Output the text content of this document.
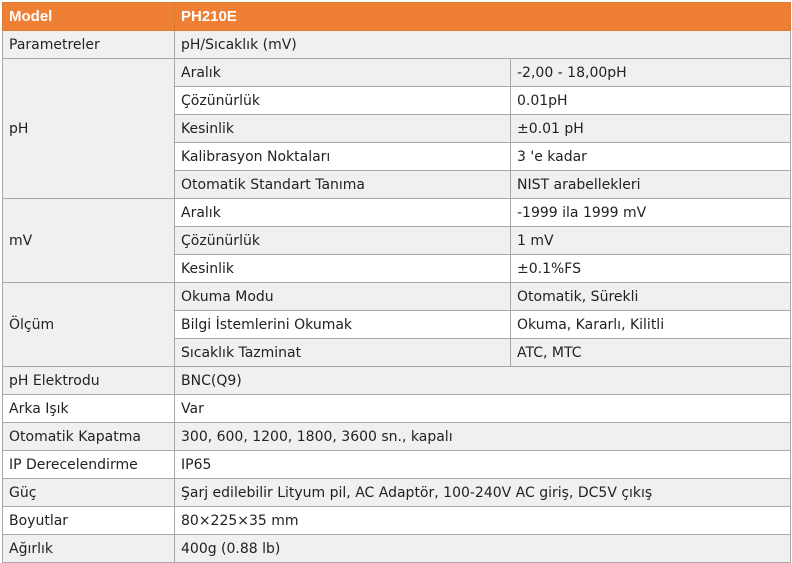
Model	PH210E	
Parametreler	pH/Sıcaklık (mV)	
pH	Aralık	-2,00 - 18,00pH
	Çözünürlük	0.01pH
	Kesinlik	±0.01 pH
	Kalibrasyon Noktaları	3 'e kadar
	Otomatik Standart Tanıma	NIST arabellekleri
mV	Aralık	-1999 ila 1999 mV
	Çözünürlük	1 mV
	Kesinlik	±0.1%FS
Ölçüm	Okuma Modu	Otomatik, Sürekli
	Bilgi İstemlerini Okumak	Okuma, Kararlı, Kilitli
	Sıcaklık Tazminat	ATC, MTC
pH Elektrodu	BNC(Q9)	
Arka Işık	Var	
Otomatik Kapatma	300, 600, 1200, 1800, 3600 sn., kapalı	
IP Derecelendirme	IP65	
Güç	Şarj edilebilir Lityum pil, AC Adaptör, 100-240V AC giriş, DC5V çıkış	
Boyutlar	80×225×35 mm	
Ağırlık	400g (0.88 lb)	
